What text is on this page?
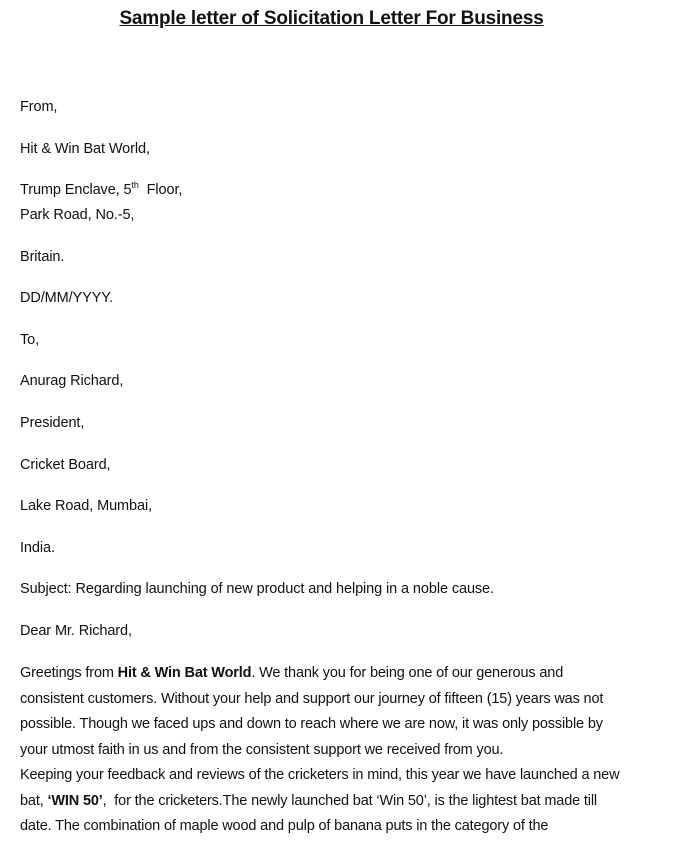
Sample letter of Solicitation Letter For Business
From,
Hit & Win Bat World,
Trump Enclave, 5th  Floor,
Park Road, No.-5,
Britain.
DD/MM/YYYY.
To,
Anurag Richard,
President,
Cricket Board,
Lake Road, Mumbai,
India.
Subject: Regarding launching of new product and helping in a noble cause.
Dear Mr. Richard,
Greetings from Hit & Win Bat World. We thank you for being one of our generous and
consistent customers. Without your help and support our journey of fifteen (15) years was not
possible. Though we faced ups and down to reach where we are now, it was only possible by
your utmost faith in us and from the consistent support we received from you.
Keeping your feedback and reviews of the cricketers in mind, this year we have launched a new
bat, ‘WIN 50’,  for the cricketers.The newly launched bat ‘Win 50’, is the lightest bat made till
date. The combination of maple wood and pulp of banana puts in the category of the
